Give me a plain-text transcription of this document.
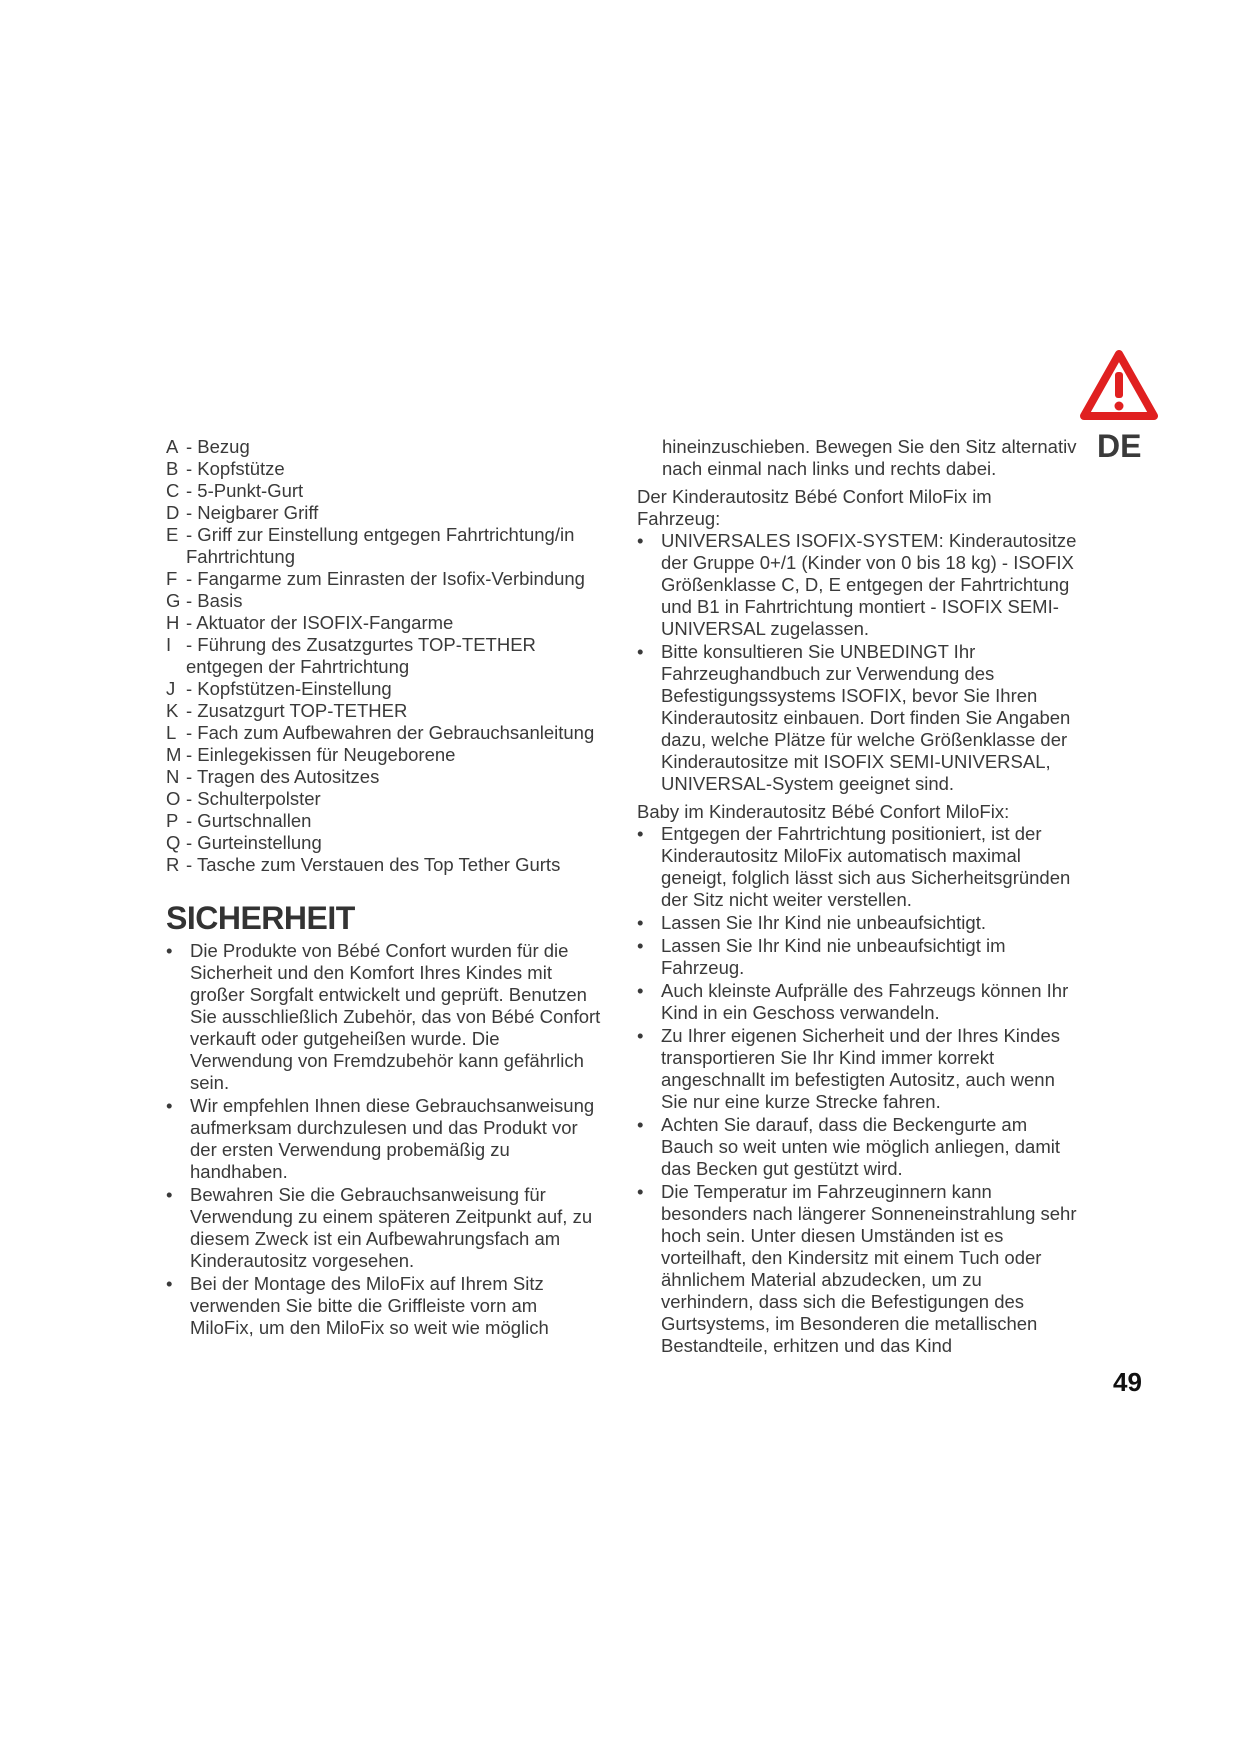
DE
A - Bezug
B - Kopfstütze
C - 5-Punkt-Gurt
D - Neigbarer Griff
E - Griff zur Einstellung entgegen Fahrtrichtung/in Fahrtrichtung
F - Fangarme zum Einrasten der Isofix-Verbindung
G - Basis
H - Aktuator der ISOFIX-Fangarme
I - Führung des Zusatzgurtes TOP-TETHER entgegen der Fahrtrichtung
J - Kopfstützen-Einstellung
K - Zusatzgurt TOP-TETHER
L - Fach zum Aufbewahren der Gebrauchsanleitung
M - Einlegekissen für Neugeborene
N - Tragen des Autositzes
O - Schulterpolster
P - Gurtschnallen
Q - Gurteinstellung
R - Tasche zum Verstauen des Top Tether Gurts
SICHERHEIT
• Die Produkte von Bébé Confort wurden für die Sicherheit und den Komfort Ihres Kindes mit großer Sorgfalt entwickelt und geprüft. Benutzen Sie ausschließlich Zubehör, das von Bébé Confort verkauft oder gutgeheißen wurde. Die Verwendung von Fremdzubehör kann gefährlich sein.
• Wir empfehlen Ihnen diese Gebrauchsanweisung aufmerksam durchzulesen und das Produkt vor der ersten Verwendung probemäßig zu handhaben.
• Bewahren Sie die Gebrauchsanweisung für Verwendung zu einem späteren Zeitpunkt auf, zu diesem Zweck ist ein Aufbewahrungsfach am Kinderautositz vorgesehen.
• Bei der Montage des MiloFix auf Ihrem Sitz verwenden Sie bitte die Griffleiste vorn am MiloFix, um den MiloFix so weit wie möglich
hineinzuschieben. Bewegen Sie den Sitz alternativ nach einmal nach links und rechts dabei.

Der Kinderautositz Bébé Confort MiloFix im Fahrzeug:

• UNIVERSALES ISOFIX-SYSTEM: Kinderautositze der Gruppe 0+/1 (Kinder von 0 bis 18 kg) - ISOFIX Größenklasse C, D, E entgegen der Fahrtrichtung und B1 in Fahrtrichtung montiert - ISOFIX SEMI-UNIVERSAL zugelassen.
• Bitte konsultieren Sie UNBEDINGT Ihr Fahrzeughandbuch zur Verwendung des Befestigungssystems ISOFIX, bevor Sie Ihren Kinderautositz einbauen. Dort finden Sie Angaben dazu, welche Plätze für welche Größenklasse der Kinderautositze mit ISOFIX SEMI-UNIVERSAL, UNIVERSAL-System geeignet sind.

Baby im Kinderautositz Bébé Confort MiloFix:

• Entgegen der Fahrtrichtung positioniert, ist der Kinderautositz MiloFix automatisch maximal geneigt, folglich lässt sich aus Sicherheitsgründen der Sitz nicht weiter verstellen.
• Lassen Sie Ihr Kind nie unbeaufsichtigt.
• Lassen Sie Ihr Kind nie unbeaufsichtigt im Fahrzeug.
• Auch kleinste Aufprälle des Fahrzeugs können Ihr Kind in ein Geschoss verwandeln.
• Zu Ihrer eigenen Sicherheit und der Ihres Kindes transportieren Sie Ihr Kind immer korrekt angeschnallt im befestigten Autositz, auch wenn Sie nur eine kurze Strecke fahren.
• Achten Sie darauf, dass die Beckengurte am Bauch so weit unten wie möglich anliegen, damit das Becken gut gestützt wird.
• Die Temperatur im Fahrzeuginnern kann besonders nach längerer Sonneneinstrahlung sehr hoch sein. Unter diesen Umständen ist es vorteilhaft, den Kindersitz mit einem Tuch oder ähnlichem Material abzudecken, um zu verhindern, dass sich die Befestigungen des Gurtsystems, im Besonderen die metallischen Bestandteile, erhitzen und das Kind
49
